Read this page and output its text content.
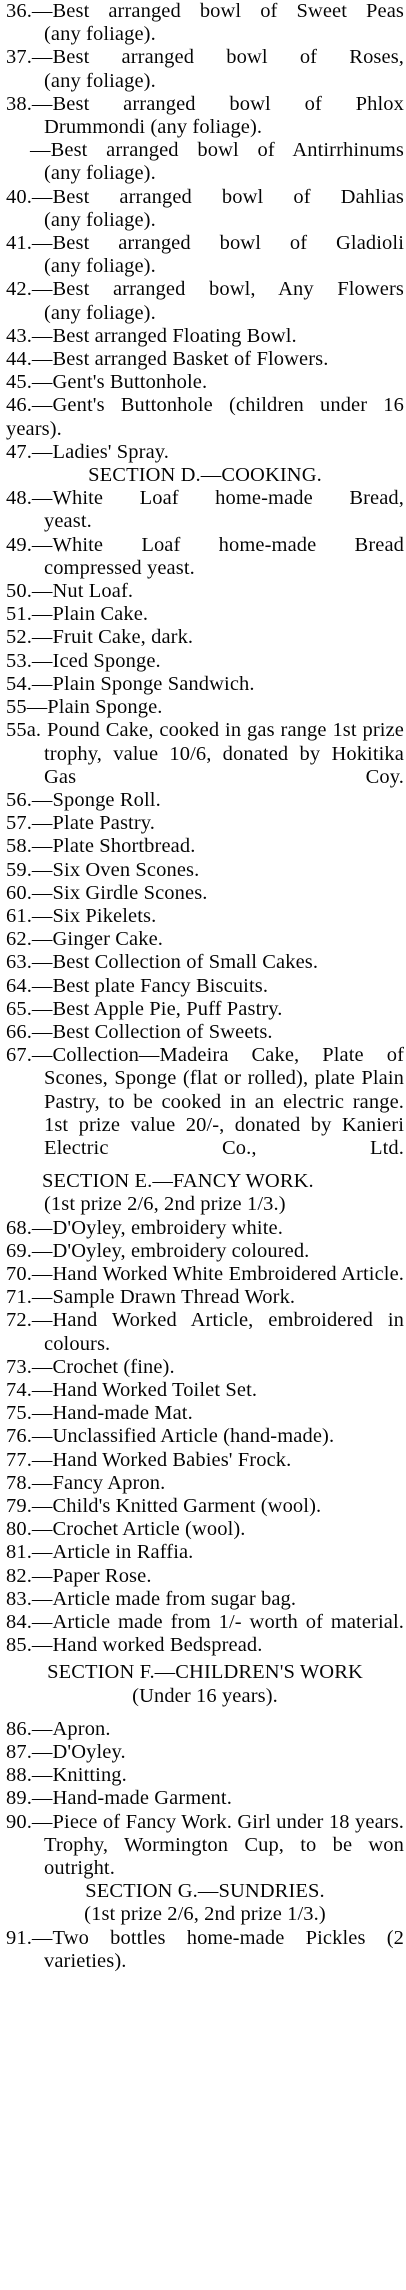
36.—Best arranged bowl of Sweet Peas
(any foliage).
37.—Best arranged bowl of Roses,
(any foliage).
38.—Best arranged bowl of Phlox
Drummondi (any foliage).
—Best arranged bowl of Antirrhinums
(any foliage).
40.—Best arranged bowl of Dahlias
(any foliage).
41.—Best arranged bowl of Gladioli
(any foliage).
42.—Best arranged bowl, Any Flowers
(any foliage).
43.—Best arranged Floating Bowl.
44.—Best arranged Basket of Flowers.
45.—Gent's Buttonhole.
46.—Gent's Buttonhole (children under 16 years).
47.—Ladies' Spray.
SECTION D.—COOKING.
48.—White Loaf home-made Bread,
yeast.
49.—White Loaf home-made Bread
compressed yeast.
50.—Nut Loaf.
51.—Plain Cake.
52.—Fruit Cake, dark.
53.—Iced Sponge.
54.—Plain Sponge Sandwich.
55—Plain Sponge.
55a. Pound Cake, cooked in gas range 1st prize trophy, value 10/6, donated by Hokitika Gas Coy.
56.—Sponge Roll.
57.—Plate Pastry.
58.—Plate Shortbread.
59.—Six Oven Scones.
60.—Six Girdle Scones.
61.—Six Pikelets.
62.—Ginger Cake.
63.—Best Collection of Small Cakes.
64.—Best plate Fancy Biscuits.
65.—Best Apple Pie, Puff Pastry.
66.—Best Collection of Sweets.
67.—Collection—Madeira Cake, Plate of Scones, Sponge (flat or rolled), plate Plain Pastry, to be cooked in an electric range. 1st prize value 20/-, donated by Kanieri Electric Co., Ltd.
SECTION E.—FANCY WORK.
(1st prize 2/6, 2nd prize 1/3.)
68.—D'Oyley, embroidery white.
69.—D'Oyley, embroidery coloured.
70.—Hand Worked White Embroidered Article.
71.—Sample Drawn Thread Work.
72.—Hand Worked Article, embroidered in colours.
73.—Crochet (fine).
74.—Hand Worked Toilet Set.
75.—Hand-made Mat.
76.—Unclassified Article (hand-made).
77.—Hand Worked Babies' Frock.
78.—Fancy Apron.
79.—Child's Knitted Garment (wool).
80.—Crochet Article (wool).
81.—Article in Raffia.
82.—Paper Rose.
83.—Article made from sugar bag.
84.—Article made from 1/- worth of material.
85.—Hand worked Bedspread.
SECTION F.—CHILDREN'S WORK
(Under 16 years).
86.—Apron.
87.—D'Oyley.
88.—Knitting.
89.—Hand-made Garment.
90.—Piece of Fancy Work. Girl under 18 years. Trophy, Wormington Cup, to be won outright.
SECTION G.—SUNDRIES.
(1st prize 2/6, 2nd prize 1/3.)
91.—Two bottles home-made Pickles (2 varieties).
